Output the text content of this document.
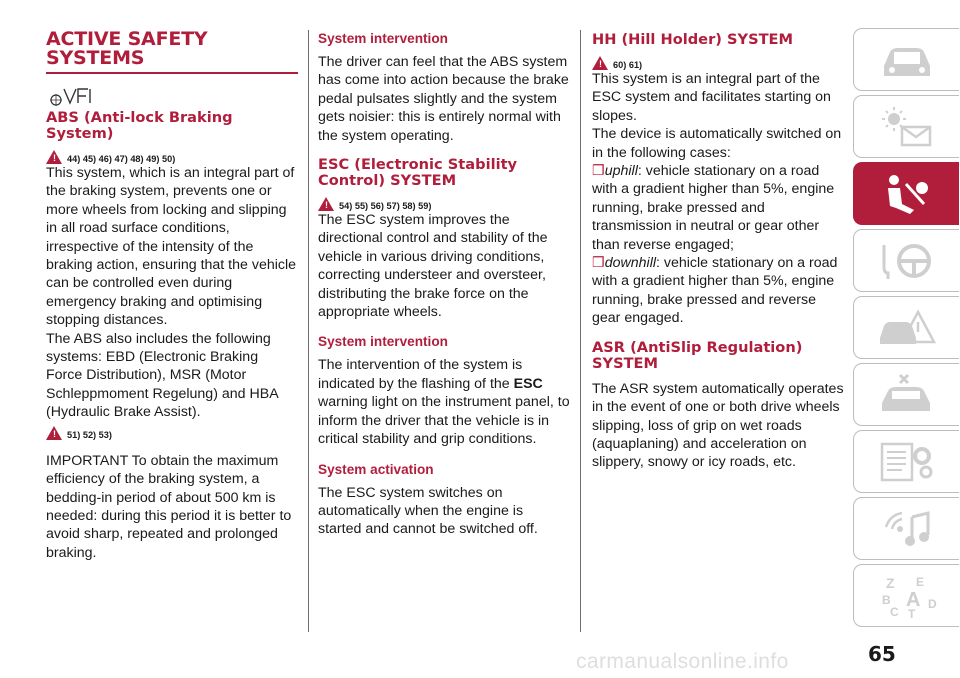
ACTIVE SAFETY SYSTEMS
ABS (Anti-lock Braking System)
! 44) 45) 46) 47) 48) 49) 50)

This system, which is an integral part of the braking system, prevents one or more wheels from locking and slipping in all road surface conditions, irrespective of the intensity of the braking action, ensuring that the vehicle can be controlled even during emergency braking and optimising stopping distances.

The ABS also includes the following systems: EBD (Electronic Braking Force Distribution), MSR (Motor Schleppmoment Regelung) and HBA (Hydraulic Brake Assist).

! 51) 52) 53)

IMPORTANT To obtain the maximum efficiency of the braking system, a bedding-in period of about 500 km is needed: during this period it is better to avoid sharp, repeated and prolonged braking.

System intervention

The driver can feel that the ABS system has come into action because the brake pedal pulsates slightly and the system gets noisier: this is entirely normal with the system operating.

ESC (Electronic Stability Control) SYSTEM
! 54) 55) 56) 57) 58) 59)

The ESC system improves the directional control and stability of the vehicle in various driving conditions, correcting understeer and oversteer, distributing the brake force on the appropriate wheels.

System intervention

The intervention of the system is indicated by the flashing of the ESC warning light on the instrument panel, to inform the driver that the vehicle is in critical stability and grip conditions.

System activation

The ESC system switches on automatically when the engine is started and cannot be switched off.

HH (Hill Holder) SYSTEM
! 60) 61)

This system is an integral part of the ESC system and facilitates starting on slopes.

The device is automatically switched on in the following cases:

❒uphill: vehicle stationary on a road with a gradient higher than 5%, engine running, brake pressed and transmission in neutral or gear other than reverse engaged;

❒downhill: vehicle stationary on a road with a gradient higher than 5%, engine running, brake pressed and reverse gear engaged.

ASR (AntiSlip Regulation) SYSTEM

The ASR system automatically operates in the event of one or both drive wheels slipping, loss of grip on wet roads (aquaplaning) and acceleration on slippery, snowy or icy roads, etc.

Z E
B A D
C T
65
carmanualsonline.info
